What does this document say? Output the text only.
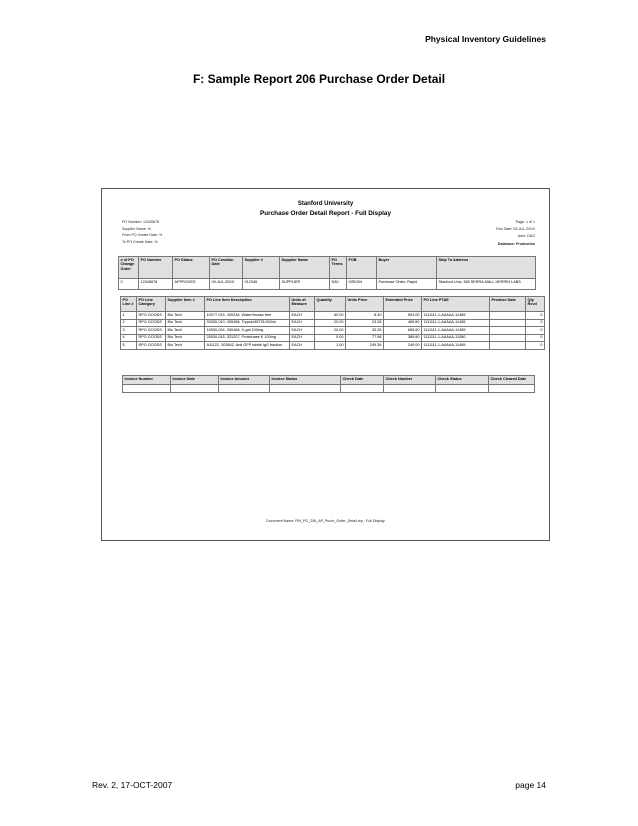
Physical Inventory Guidelines
F: Sample Report 206 Purchase Order Detail
Stanford University
Purchase Order Detail Report - Full Display
PO Number: 12345678
Supplier Name: %
From PO Create Date: %
To PO Create Date: %
Page: 1 of 1
Run Date: 09-JUL-20XX
User: DAO
Database: Production
# of PO Change Order	PO Number	PO Status	PO Creation Date	Supplier #	Supplier Name	PO Terms	FOB	Buyer	Ship To Address
0	12345678	APPROVED	09-JUL-20XX	012345	SUPPLIER	N30	ORIGIN	Purchase Order, Rapid	Stanford Univ, 365 SERRA MALL HERRIN LABS
PO Line #	PO Line Category	Supplier Item #	PO Line Item Description	Units of Measure	Quantity	Units Price	Extended Price	PO Line PTAE	Promise Date	Qty Rcvd
1	RPO GOODS	Bio Tech	10077-015, 330234, Water/Invase free	EACH	60.00	8.40	504.00	1111111-1-AAAAA-11485		0
2	RPO GOODS	Bio Tech	33330-010, 330458, Trypsin/EDTA 500ml	EACH	20.00	23.28	465.60	1111111-1-AAAAA-11485		0
3	RPO GOODS	Bio Tech	15530-034, 330468, X-gal 100mg	EACH	20.00	33.28	665.60	1111111-1-AAAAA-11485		0
4	RPO GOODS	Bio Tech	25530-015, 331207, Proteinase K 100mg	EACH	5.00	77.96	389.80	1111111-1-AAAAA-11080		0
5	RPO GOODS	Bio Tech	A11122, 303842, Anti GFP rabbit IgG fraction	EACH	1.00	249.36	249.00	1111111-1-AAAAA-11485		0
Invoice Number	Invoice Date	Invoice Amount	Invoice Status	Check Date	Check Number	Check Status	Check Cleared Date

Document Name: FIN_PO_206_AP_Purch_Order_Detail.rep - Full Display
Rev. 2, 17-OCT-2007	page 14
